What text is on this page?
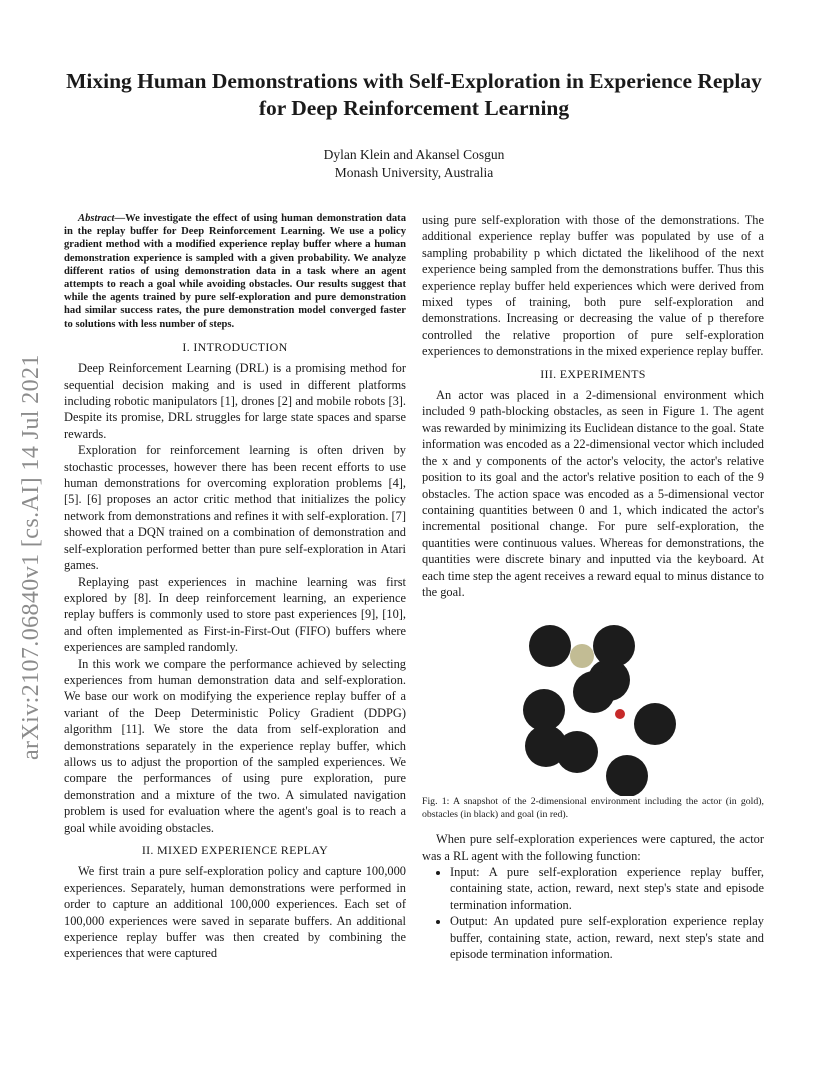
arXiv:2107.06840v1 [cs.AI] 14 Jul 2021
Mixing Human Demonstrations with Self-Exploration in Experience Replay for Deep Reinforcement Learning
Dylan Klein and Akansel Cosgun
Monash University, Australia
Abstract—We investigate the effect of using human demonstration data in the replay buffer for Deep Reinforcement Learning. We use a policy gradient method with a modified experience replay buffer where a human demonstration experience is sampled with a given probability. We analyze different ratios of using demonstration data in a task where an agent attempts to reach a goal while avoiding obstacles. Our results suggest that while the agents trained by pure self-exploration and pure demonstration had similar success rates, the pure demonstration model converged faster to solutions with less number of steps.
I. INTRODUCTION

Deep Reinforcement Learning (DRL) is a promising method for sequential decision making and is used in different platforms including robotic manipulators [1], drones [2] and mobile robots [3]. Despite its promise, DRL struggles for large state spaces and sparse rewards.

Exploration for reinforcement learning is often driven by stochastic processes, however there has been recent efforts to use human demonstrations for overcoming exploration problems [4], [5]. [6] proposes an actor critic method that initializes the policy network from demonstrations and refines it with self-exploration. [7] showed that a DQN trained on a combination of demonstration and self-exploration performed better than pure self-exploration in Atari games.

Replaying past experiences in machine learning was first explored by [8]. In deep reinforcement learning, an experience replay buffers is commonly used to store past experiences [9], [10], and often implemented as First-in-First-Out (FIFO) buffers where experiences are sampled randomly.

In this work we compare the performance achieved by selecting experiences from human demonstration data and self-exploration. We base our work on modifying the experience replay buffer of a variant of the Deep Deterministic Policy Gradient (DDPG) algorithm [11]. We store the data from self-exploration and demonstrations separately in the experience replay buffer, which allows us to adjust the proportion of the sampled experiences. We compare the performances of using pure exploration, pure demonstration and a mixture of the two. A simulated navigation problem is used for evaluation where the agent's goal is to reach a goal while avoiding obstacles.

II. MIXED EXPERIENCE REPLAY

We first train a pure self-exploration policy and capture 100,000 experiences. Separately, human demonstrations were performed in order to capture an additional 100,000 experiences. Each set of 100,000 experiences were saved in separate buffers. An additional experience replay buffer was then created by combining the experiences that were captured

using pure self-exploration with those of the demonstrations. The additional experience replay buffer was populated by use of a sampling probability p which dictated the likelihood of the next experience being sampled from the demonstrations buffer. Thus this experience replay buffer held experiences which were derived from mixed types of training, both pure self-exploration and demonstrations. Increasing or decreasing the value of p therefore controlled the relative proportion of pure self-exploration experiences to demonstrations in the mixed experience replay buffer.

III. EXPERIMENTS

An actor was placed in a 2-dimensional environment which included 9 path-blocking obstacles, as seen in Figure 1. The agent was rewarded by minimizing its Euclidean distance to the goal. State information was encoded as a 22-dimensional vector which included the x and y components of the actor's velocity, the actor's relative position to its goal and the actor's relative position to each of the 9 obstacles. The action space was encoded as a 5-dimensional vector containing quantities between 0 and 1, which indicated the actor's incremental positional change. For pure self-exploration, the quantities were continuous values. Whereas for demonstrations, the quantities were discrete binary and inputted via the keyboard. At each time step the agent receives a reward equal to minus distance to the goal.

Fig. 1: A snapshot of the 2-dimensional environment including the actor (in gold), obstacles (in black) and goal (in red).

When pure self-exploration experiences were captured, the actor was a RL agent with the following function:

• Input: A pure self-exploration experience replay buffer, containing state, action, reward, next step's state and episode termination information.
• Output: An updated pure self-exploration experience replay buffer, containing state, action, reward, next step's state and episode termination information.
